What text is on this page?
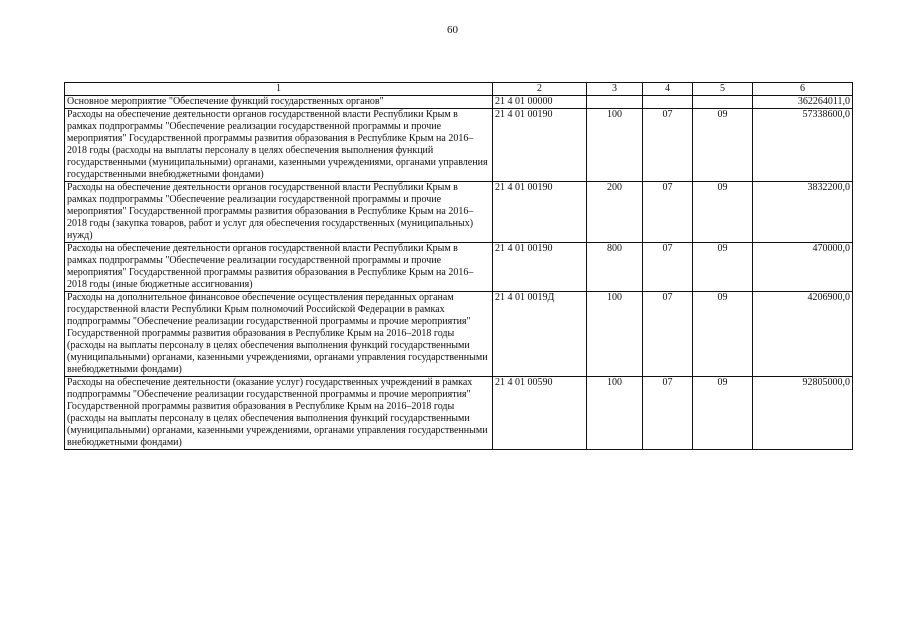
60
1	2	3	4	5	6
Основное мероприятие "Обеспечение функций государственных органов"	21 4 01 00000				362264011,0
Расходы на обеспечение деятельности органов государственной власти Республики Крым в рамках подпрограммы "Обеспечение реализации государственной программы и прочие мероприятия" Государственной программы развития образования в Республике Крым на 2016–2018 годы (расходы на выплаты персоналу в целях обеспечения выполнения функций государственными (муниципальными) органами, казенными учреждениями, органами управления государственными внебюджетными фондами)	21 4 01 00190	100	07	09	57338600,0
Расходы на обеспечение деятельности органов государственной власти Республики Крым в рамках подпрограммы "Обеспечение реализации государственной программы и прочие мероприятия" Государственной программы развития образования в Республике Крым на 2016–2018 годы (закупка товаров, работ и услуг для обеспечения государственных (муниципальных) нужд)	21 4 01 00190	200	07	09	3832200,0
Расходы на обеспечение деятельности органов государственной власти Республики Крым в рамках подпрограммы "Обеспечение реализации государственной программы и прочие мероприятия" Государственной программы развития образования в Республике Крым на 2016–2018 годы (иные бюджетные ассигнования)	21 4 01 00190	800	07	09	470000,0
Расходы на дополнительное финансовое обеспечение осуществления переданных органам государственной власти Республики Крым полномочий Российской Федерации в рамках подпрограммы "Обеспечение реализации государственной программы и прочие мероприятия" Государственной программы развития образования в Республике Крым на 2016–2018 годы (расходы на выплаты персоналу в целях обеспечения выполнения функций государственными (муниципальными) органами, казенными учреждениями, органами управления государственными внебюджетными фондами)	21 4 01 0019Д	100	07	09	4206900,0
Расходы на обеспечение деятельности (оказание услуг) государственных учреждений в рамках подпрограммы "Обеспечение реализации государственной программы и прочие мероприятия" Государственной программы развития образования в Республике Крым на 2016–2018 годы (расходы на выплаты персоналу в целях обеспечения выполнения функций государственными (муниципальными) органами, казенными учреждениями, органами управления государственными внебюджетными фондами)	21 4 01 00590	100	07	09	92805000,0
